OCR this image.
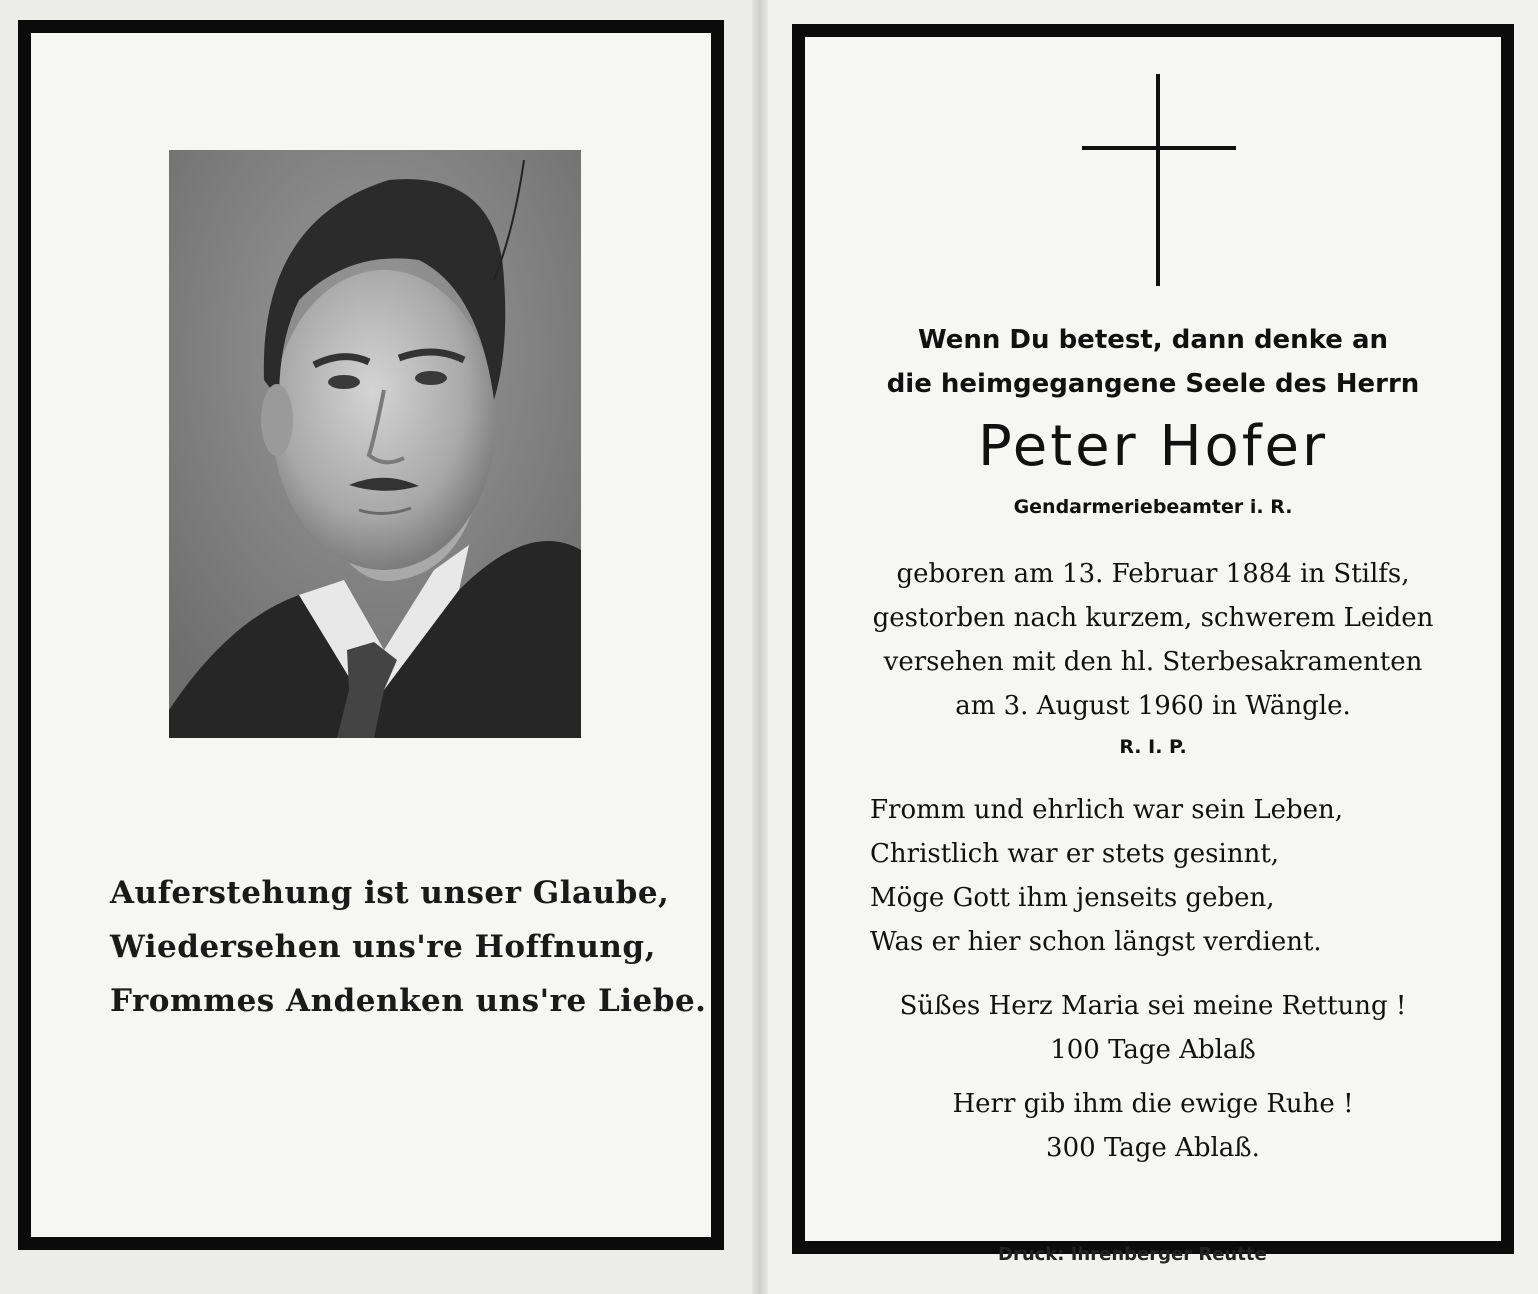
Auferstehung ist unser Glaube,
Wiedersehen uns're Hoffnung,
Frommes Andenken uns're Liebe.
Wenn Du betest, dann denke an
die heimgegangene Seele des Herrn
Peter Hofer
Gendarmeriebeamter i. R.
geboren am 13. Februar 1884 in Stilfs,
gestorben nach kurzem, schwerem Leiden
versehen mit den hl. Sterbesakramenten
am 3. August 1960 in Wängle.
R. I. P.
Fromm und ehrlich war sein Leben,
Christlich war er stets gesinnt,
Möge Gott ihm jenseits geben,
Was er hier schon längst verdient.
Süßes Herz Maria sei meine Rettung !
100 Tage Ablaß
Herr gib ihm die ewige Ruhe !
300 Tage Ablaß.
Druck: Ihrenberger Reutte
